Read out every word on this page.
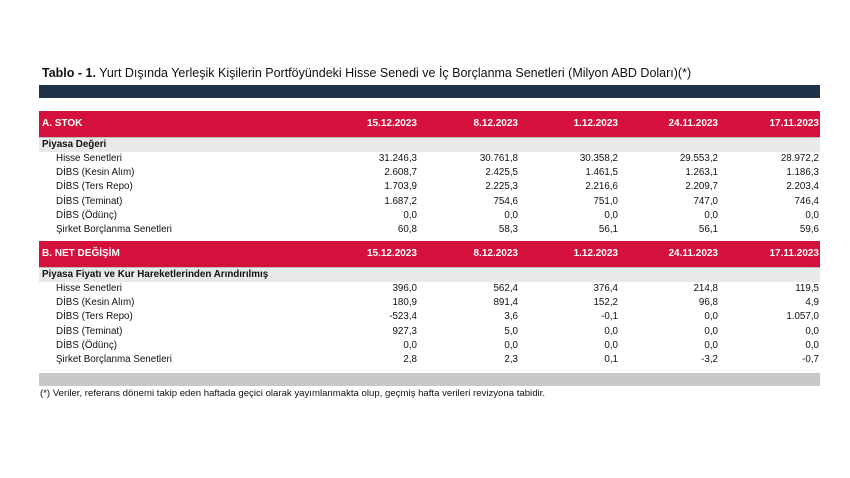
Tablo - 1. Yurt Dışında Yerleşik Kişilerin Portföyündeki Hisse Senedi ve İç Borçlanma Senetleri (Milyon ABD Doları)(*)
A. STOK	15.12.2023	8.12.2023	1.12.2023	24.11.2023	17.11.2023
Piyasa Değeri
Hisse Senetleri	31.246,3	30.761,8	30.358,2	29.553,2	28.972,2
DİBS (Kesin Alım)	2.608,7	2.425,5	1.461,5	1.263,1	1.186,3
DİBS (Ters Repo)	1.703,9	2.225,3	2.216,6	2.209,7	2.203,4
DİBS (Teminat)	1.687,2	754,6	751,0	747,0	746,4
DİBS (Ödünç)	0,0	0,0	0,0	0,0	0,0
Şirket Borçlanma Senetleri	60,8	58,3	56,1	56,1	59,6
B. NET DEĞİŞİM	15.12.2023	8.12.2023	1.12.2023	24.11.2023	17.11.2023
Piyasa Fiyatı ve Kur Hareketlerinden Arındırılmış
Hisse Senetleri	396,0	562,4	376,4	214,8	119,5
DİBS (Kesin Alım)	180,9	891,4	152,2	96,8	4,9
DİBS (Ters Repo)	-523,4	3,6	-0,1	0,0	1.057,0
DİBS (Teminat)	927,3	5,0	0,0	0,0	0,0
DİBS (Ödünç)	0,0	0,0	0,0	0,0	0,0
Şirket Borçlanma Senetleri	2,8	2,3	0,1	-3,2	-0,7
(*) Veriler, referans dönemi takip eden haftada geçici olarak yayımlanmakta olup, geçmiş hafta verileri revizyona tabidir.
